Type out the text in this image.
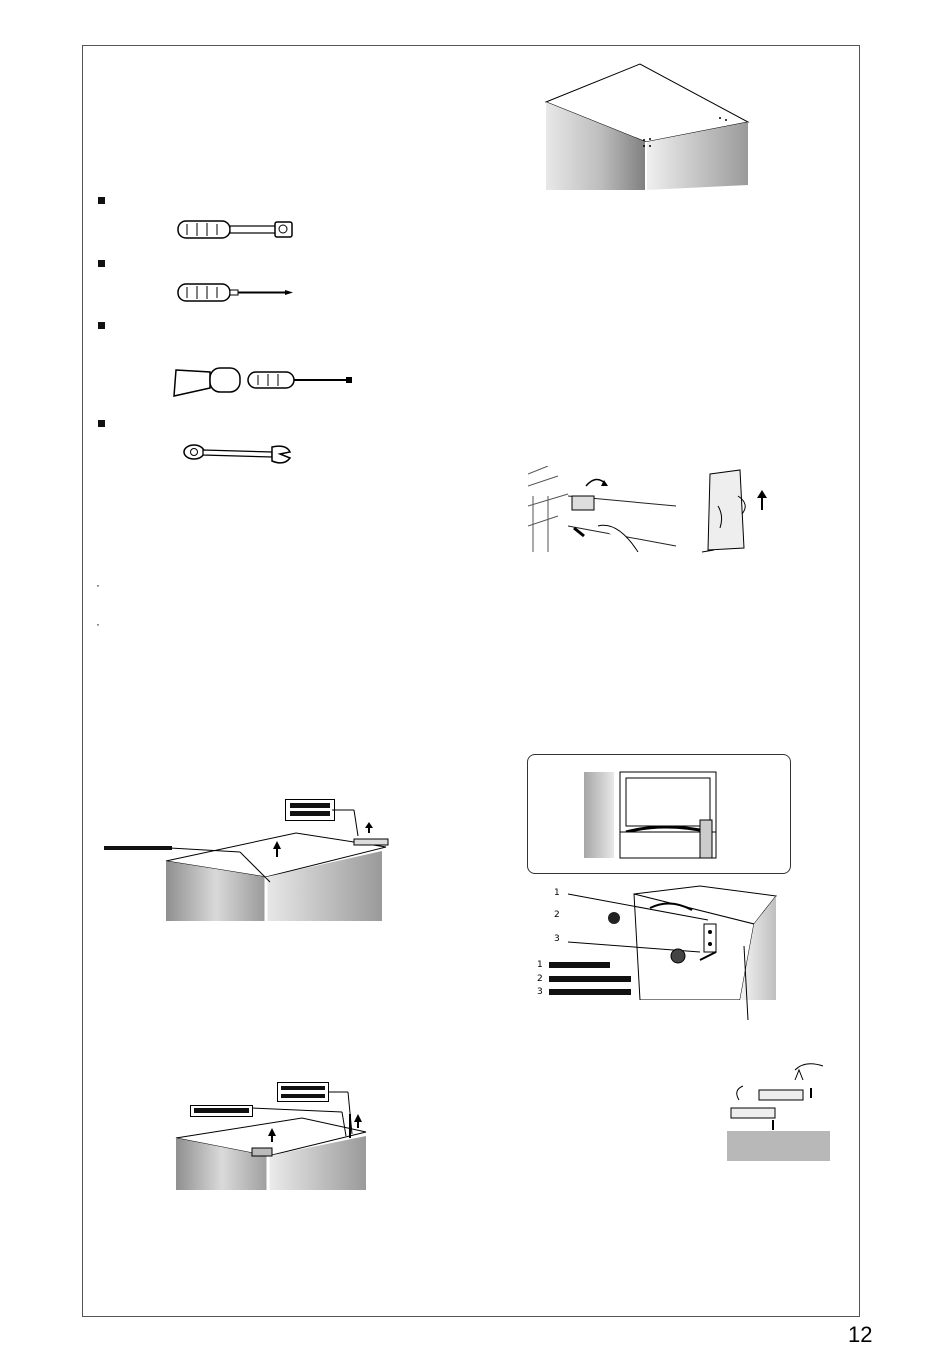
·
·
1
2
3
1
2
3
12
